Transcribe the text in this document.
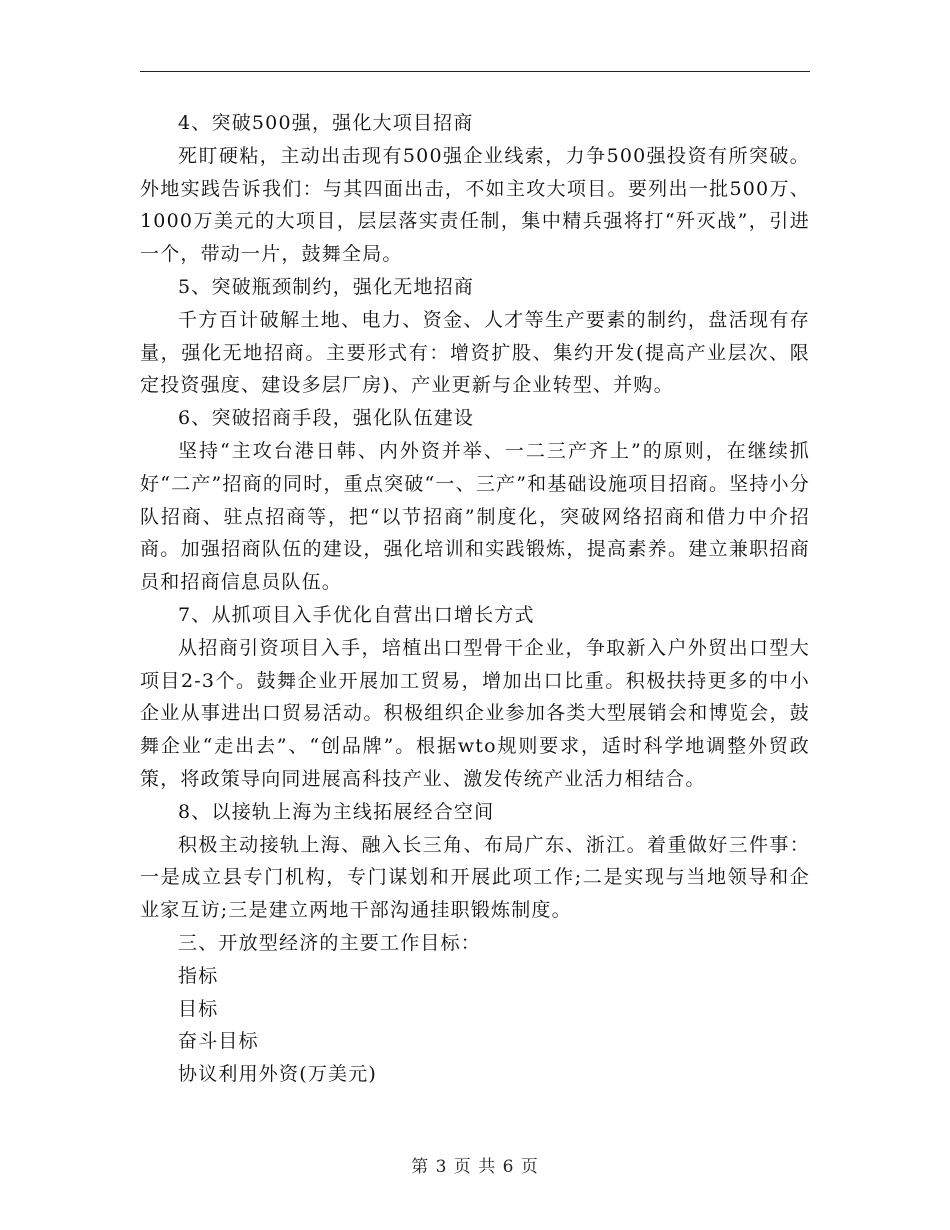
4、突破500强，强化大项目招商

死盯硬粘，主动出击现有500强企业线索，力争500强投资有所突破。外地实践告诉我们：与其四面出击，不如主攻大项目。要列出一批500万、1000万美元的大项目，层层落实责任制，集中精兵强将打“歼灭战”，引进一个，带动一片，鼓舞全局。

5、突破瓶颈制约，强化无地招商

千方百计破解土地、电力、资金、人才等生产要素的制约，盘活现有存量，强化无地招商。主要形式有：增资扩股、集约开发(提高产业层次、限定投资强度、建设多层厂房)、产业更新与企业转型、并购。

6、突破招商手段，强化队伍建设

坚持“主攻台港日韩、内外资并举、一二三产齐上”的原则，在继续抓好“二产”招商的同时，重点突破“一、三产”和基础设施项目招商。坚持小分队招商、驻点招商等，把“以节招商”制度化，突破网络招商和借力中介招商。加强招商队伍的建设，强化培训和实践锻炼，提高素养。建立兼职招商员和招商信息员队伍。

7、从抓项目入手优化自营出口增长方式

从招商引资项目入手，培植出口型骨干企业，争取新入户外贸出口型大项目2-3个。鼓舞企业开展加工贸易，增加出口比重。积极扶持更多的中小企业从事进出口贸易活动。积极组织企业参加各类大型展销会和博览会，鼓舞企业“走出去”、“创品牌”。根据wto规则要求，适时科学地调整外贸政策，将政策导向同进展高科技产业、激发传统产业活力相结合。

8、以接轨上海为主线拓展经合空间

积极主动接轨上海、融入长三角、布局广东、浙江。着重做好三件事：一是成立县专门机构，专门谋划和开展此项工作;二是实现与当地领导和企业家互访;三是建立两地干部沟通挂职锻炼制度。

三、开放型经济的主要工作目标：

指标

目标

奋斗目标

协议利用外资(万美元)

第 3 页 共 6 页
